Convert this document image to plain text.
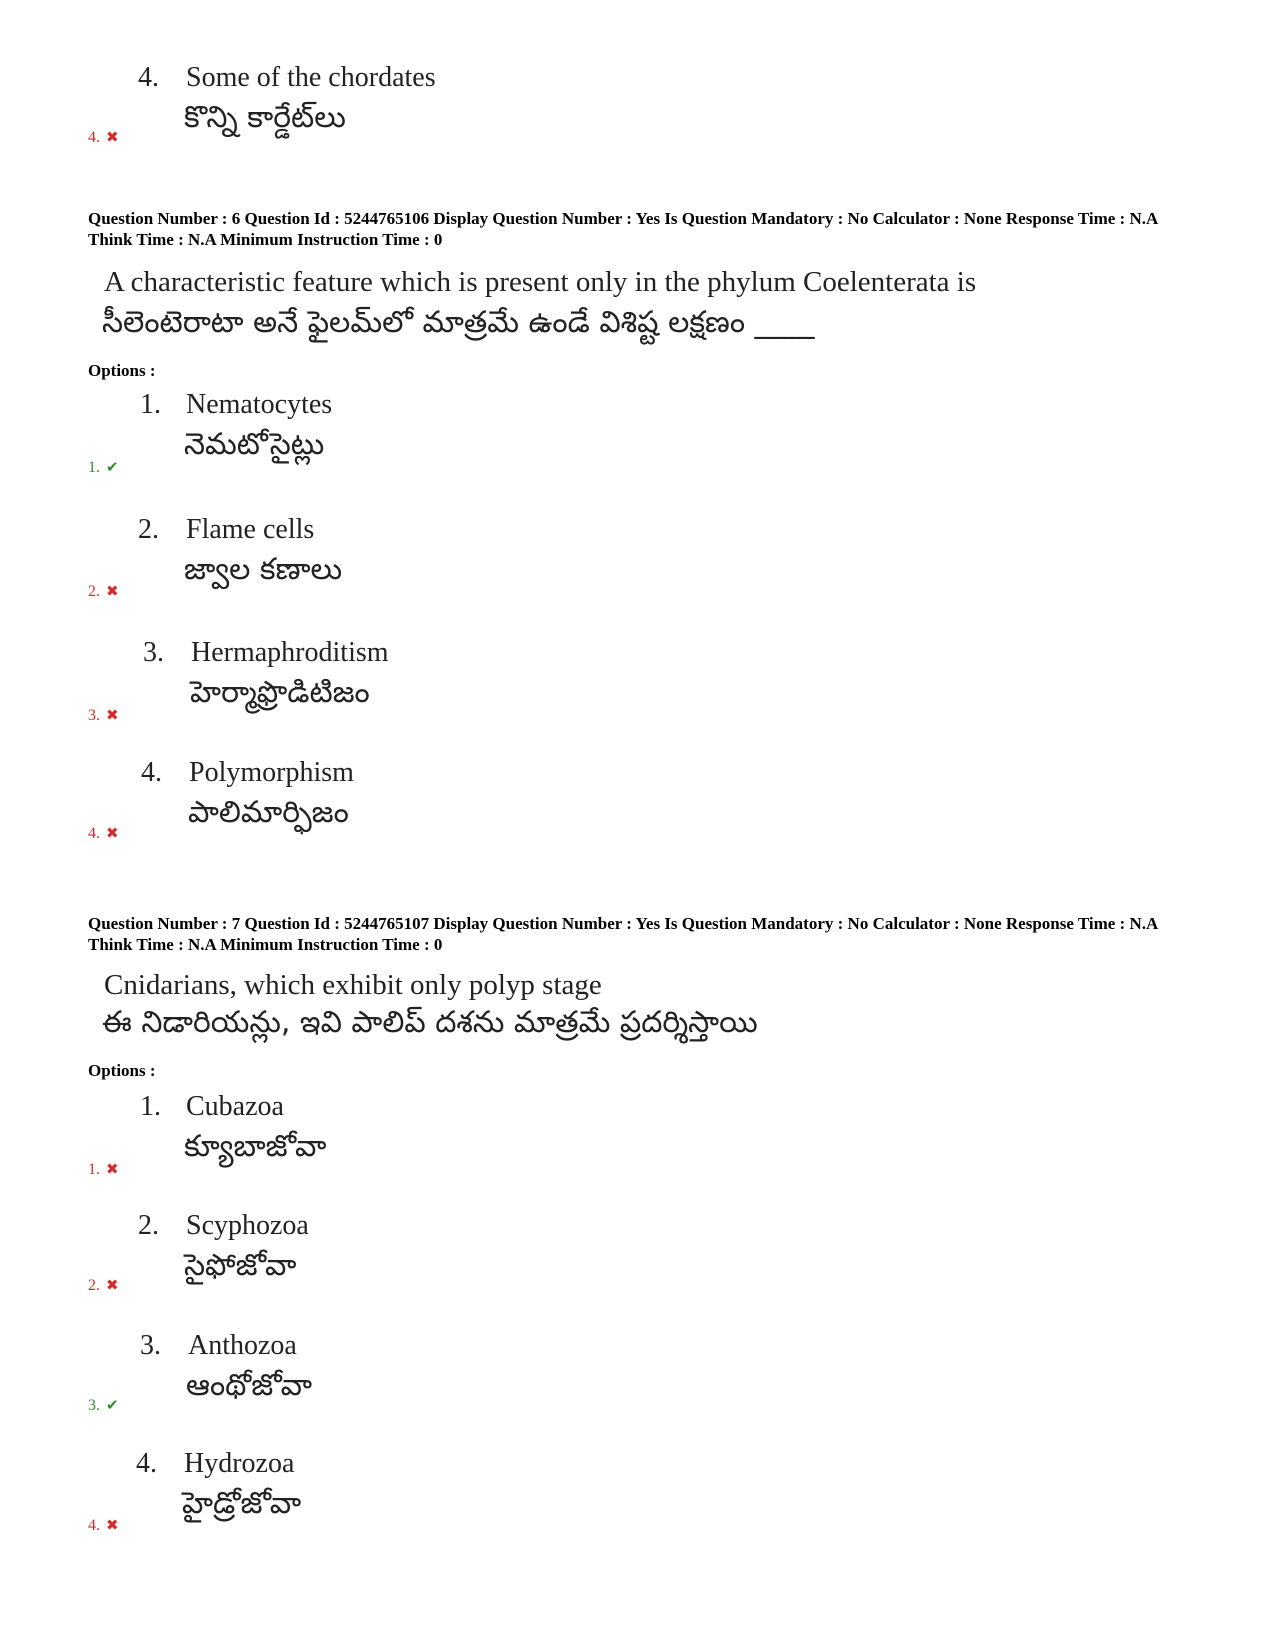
4. Some of the chordates
కొన్ని కార్డేట్‌లు
4. ✖
Question Number : 6 Question Id : 5244765106 Display Question Number : Yes Is Question Mandatory : No Calculator : None Response Time : N.A Think Time : N.A Minimum Instruction Time : 0
A characteristic feature which is present only in the phylum Coelenterata is
సీలెంటెరాటా అనే ఫైలమ్‌లో మాత్రమే ఉండే విశిష్ట లక్షణం ____
Options :
1. Nematocytes
నెమటోసైట్లు
1. ✔
2. Flame cells
జ్వాల కణాలు
2. ✖
3. Hermaphroditism
హెర్మాఫ్రొడిటిజం
3. ✖
4. Polymorphism
పాలిమార్ఫిజం
4. ✖
Question Number : 7 Question Id : 5244765107 Display Question Number : Yes Is Question Mandatory : No Calculator : None Response Time : N.A Think Time : N.A Minimum Instruction Time : 0
Cnidarians, which exhibit only polyp stage
ఈ నిడారియన్లు, ఇవి పాలిప్ దశను మాత్రమే ప్రదర్శిస్తాయి
Options :
1. Cubazoa
క్యూబాజోవా
1. ✖
2. Scyphozoa
సైఫోజోవా
2. ✖
3. Anthozoa
ఆంథోజోవా
3. ✔
4. Hydrozoa
హైడ్రోజోవా
4. ✖
